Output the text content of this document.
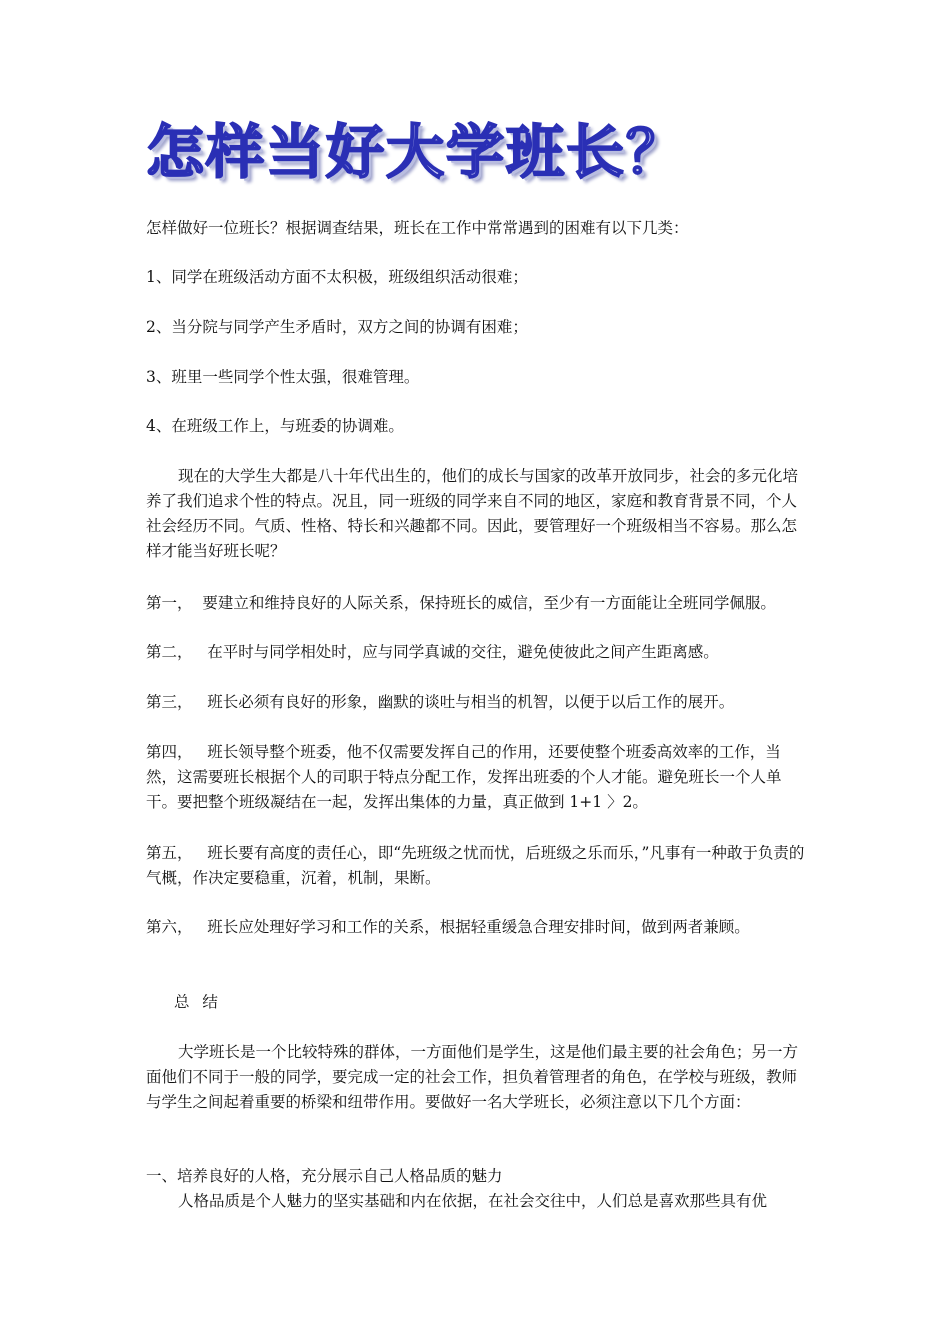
怎样当好大学班长？

怎样做好一位班长？根据调查结果，班长在工作中常常遇到的困难有以下几类：

1、同学在班级活动方面不太积极，班级组织活动很难；

2、当分院与同学产生矛盾时，双方之间的协调有困难；

3、班里一些同学个性太强，很难管理。

4、在班级工作上，与班委的协调难。

现在的大学生大都是八十年代出生的，他们的成长与国家的改革开放同步，社会的多元化培养了我们追求个性的特点。况且，同一班级的同学来自不同的地区，家庭和教育背景不同，个人社会经历不同。气质、性格、特长和兴趣都不同。因此，要管理好一个班级相当不容易。那么怎样才能当好班长呢？

第一，  要建立和维持良好的人际关系，保持班长的威信，至少有一方面能让全班同学佩服。

第二，   在平时与同学相处时，应与同学真诚的交往，避免使彼此之间产生距离感。

第三，   班长必须有良好的形象，幽默的谈吐与相当的机智，以便于以后工作的展开。

第四，   班长领导整个班委，他不仅需要发挥自己的作用，还要使整个班委高效率的工作，当然，这需要班长根据个人的司职于特点分配工作，发挥出班委的个人才能。避免班长一个人单干。要把整个班级凝结在一起，发挥出集体的力量，真正做到 1+1 〉2。

第五，   班长要有高度的责任心，即“先班级之忧而忧，后班级之乐而乐，”凡事有一种敢于负责的气概，作决定要稳重，沉着，机制，果断。

第六，   班长应处理好学习和工作的关系，根据轻重缓急合理安排时间，做到两者兼顾。

总 结

大学班长是一个比较特殊的群体，一方面他们是学生，这是他们最主要的社会角色；另一方面他们不同于一般的同学，要完成一定的社会工作，担负着管理者的角色，在学校与班级，教师与学生之间起着重要的桥梁和纽带作用。要做好一名大学班长，必须注意以下几个方面：

一、培养良好的人格，充分展示自己人格品质的魅力

人格品质是个人魅力的坚实基础和内在依据，在社会交往中，人们总是喜欢那些具有优
